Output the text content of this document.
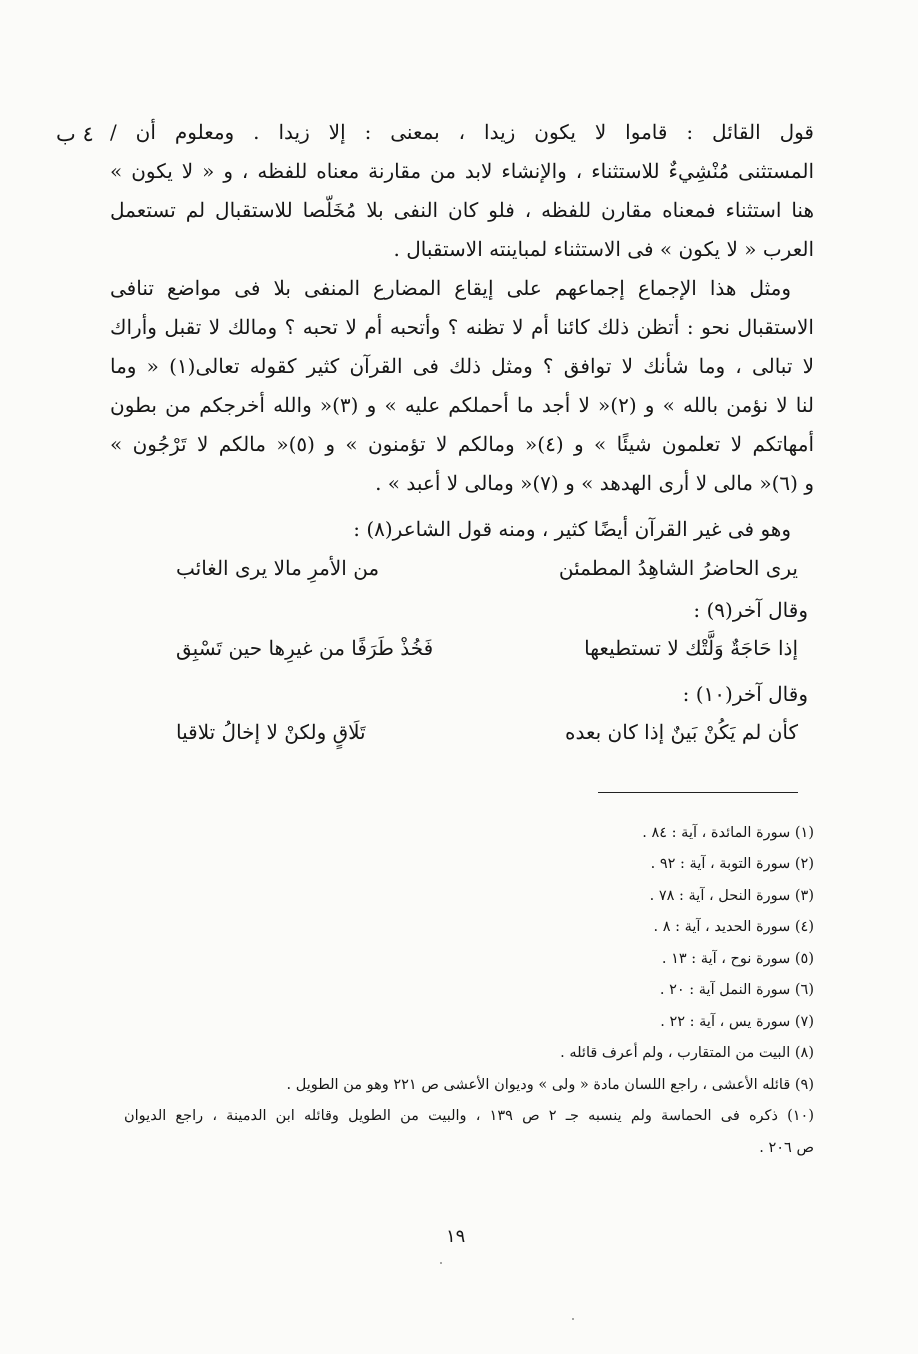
٤ ب قول القائل : قاموا لا يكون زيدا ، بمعنى : إلا زيدا . ومعلوم أن /
المستثنى مُنْشِيءٌ للاستثناء ، والإنشاء لابد من مقارنة معناه للفظه ، و « لا يكون »
هنا استثناء فمعناه مقارن للفظه ، فلو كان النفى بلا مُخَلّصا للاستقبال لم تستعمل
العرب « لا يكون » فى الاستثناء لمباينته الاستقبال .
ومثل هذا الإجماع إجماعهم على إيقاع المضارع المنفى بلا فى مواضع تنافى
الاستقبال نحو : أتظن ذلك كائنا أم لا تظنه ؟ وأتحبه أم لا تحبه ؟ ومالك لا تقبل وأراك
لا تبالى ، وما شأنك لا توافق ؟ ومثل ذلك فى القرآن كثير كقوله تعالى(١) « وما
لنا لا نؤمن بالله » و (٢)« لا أجد ما أحملكم عليه » و (٣)« والله أخرجكم من بطون
أمهاتكم لا تعلمون شيئًا » و (٤)« ومالكم لا تؤمنون » و (٥)« مالكم لا تَرْجُون »
و (٦)« مالى لا أرى الهدهد » و (٧)« ومالى لا أعبد » .
وهو فى غير القرآن أيضًا كثير ، ومنه قول الشاعر(٨) :
يرى الحاضرُ الشاهِدُ المطمئن
من الأمرِ مالا يرى الغائب
وقال آخر(٩) :
إذا حَاجَةٌ وَلَّتْك لا تستطيعها
فَخُذْ طَرَفًا من غيرِها حين تَسْبِق
وقال آخر(١٠) :
كأن لم يَكُنْ بَينٌ إذا كان بعده
تَلَاقٍ ولكنْ لا إخالُ تلاقيا
(١) سورة المائدة ، آية : ٨٤ .
(٢) سورة التوبة ، آية : ٩٢ .
(٣) سورة النحل ، آية : ٧٨ .
(٤) سورة الحديد ، آية : ٨ .
(٥) سورة نوح ، آية : ١٣ .
(٦) سورة النمل آية : ٢٠ .
(٧) سورة يس ، آية : ٢٢ .
(٨) البيت من المتقارب ، ولم أعرف قائله .
(٩) قائله الأعشى ، راجع اللسان مادة « ولى » وديوان الأعشى ص ٢٢١ وهو من الطويل .
(١٠) ذكره فى الحماسة ولم ينسبه جـ ٢ ص ١٣٩ ، والبيت من الطويل وقائله ابن الدمينة ، راجع الديوان
ص ٢٠٦ .
١٩
